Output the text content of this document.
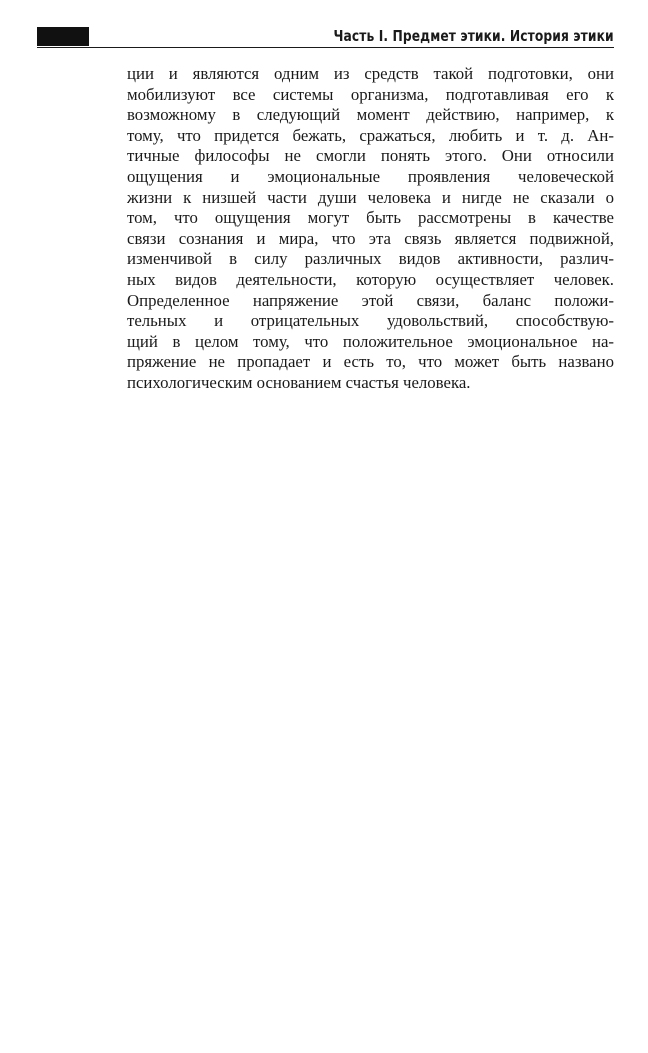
Часть I. Предмет этики. История этики
ции и являются одним из средств такой подготовки, они
мобилизуют все системы организма, подготавливая его к
возможному в следующий момент действию, например, к
тому, что придется бежать, сражаться, любить и т. д. Ан-
тичные философы не смогли понять этого. Они относили
ощущения и эмоциональные проявления человеческой
жизни к низшей части души человека и нигде не сказали о
том, что ощущения могут быть рассмотрены в качестве
связи сознания и мира, что эта связь является подвижной,
изменчивой в силу различных видов активности, различ-
ных видов деятельности, которую осуществляет человек.
Определенное напряжение этой связи, баланс положи-
тельных и отрицательных удовольствий, способствую-
щий в целом тому, что положительное эмоциональное на-
пряжение не пропадает и есть то, что может быть названо
психологическим основанием счастья человека.
